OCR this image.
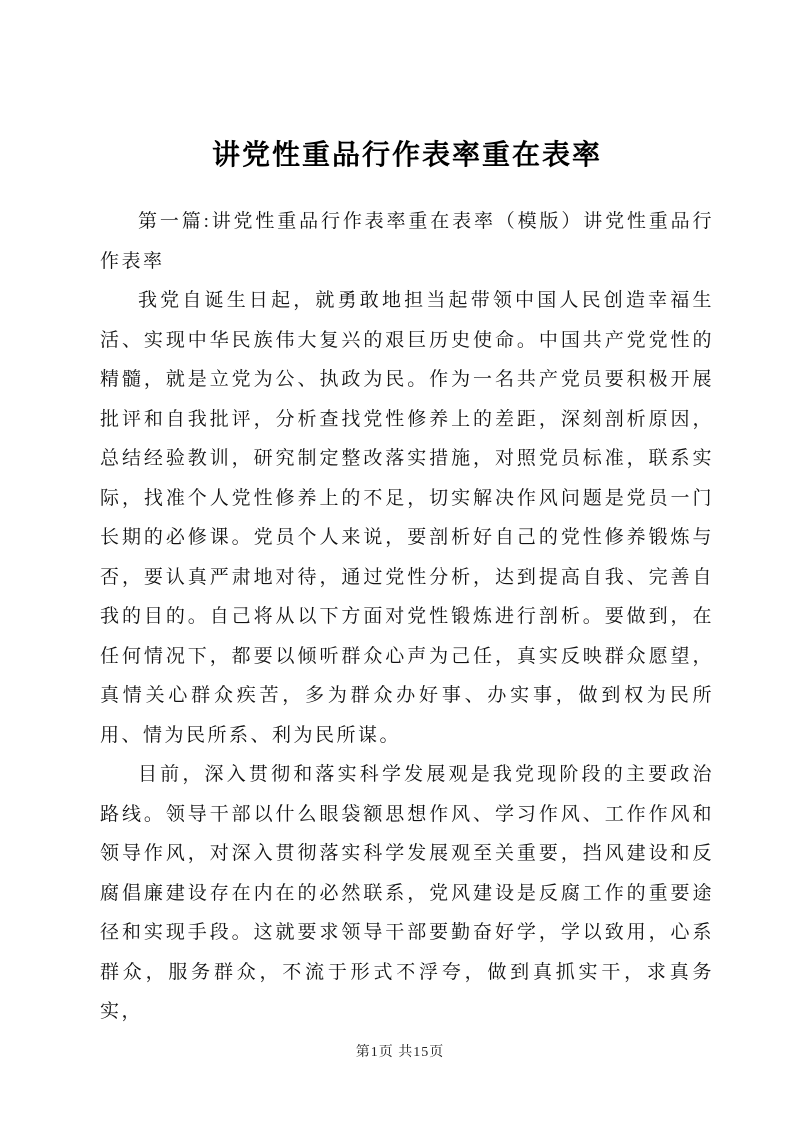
讲党性重品行作表率重在表率

第一篇:讲党性重品行作表率重在表率（模版）讲党性重品行作表率

我党自诞生日起，就勇敢地担当起带领中国人民创造幸福生活、实现中华民族伟大复兴的艰巨历史使命。中国共产党党性的精髓，就是立党为公、执政为民。作为一名共产党员要积极开展批评和自我批评，分析查找党性修养上的差距，深刻剖析原因，总结经验教训，研究制定整改落实措施，对照党员标准，联系实际，找准个人党性修养上的不足，切实解决作风问题是党员一门长期的必修课。党员个人来说，要剖析好自己的党性修养锻炼与否，要认真严肃地对待，通过党性分析，达到提高自我、完善自我的目的。自己将从以下方面对党性锻炼进行剖析。要做到，在任何情况下，都要以倾听群众心声为己任，真实反映群众愿望，真情关心群众疾苦，多为群众办好事、办实事，做到权为民所用、情为民所系、利为民所谋。

目前，深入贯彻和落实科学发展观是我党现阶段的主要政治路线。领导干部以什么眼袋额思想作风、学习作风、工作作风和领导作风，对深入贯彻落实科学发展观至关重要，挡风建设和反腐倡廉建设存在内在的必然联系，党风建设是反腐工作的重要途径和实现手段。这就要求领导干部要勤奋好学，学以致用，心系群众，服务群众，不流于形式不浮夸，做到真抓实干，求真务实，

第1页 共15页
